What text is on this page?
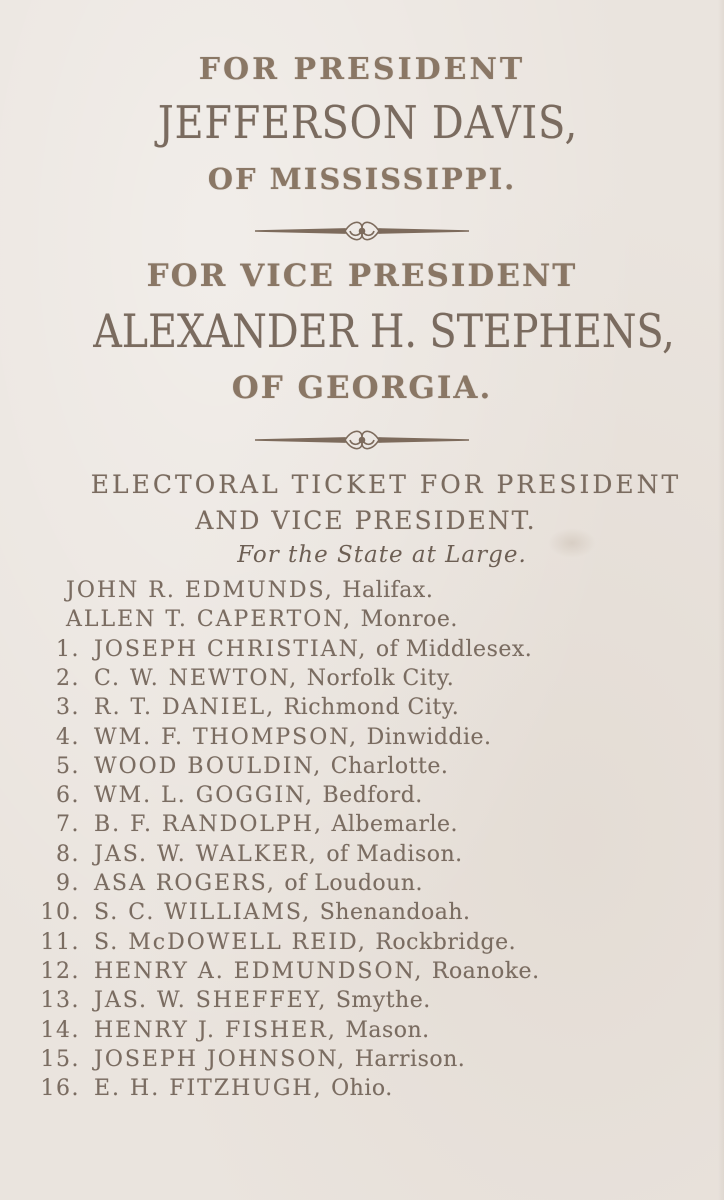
FOR PRESIDENT
JEFFERSON DAVIS,
OF MISSISSIPPI.
FOR VICE PRESIDENT
ALEXANDER H. STEPHENS,
OF GEORGIA.
ELECTORAL TICKET FOR PRESIDENT
AND VICE PRESIDENT.
For the State at Large.
JOHN R. EDMUNDS, Halifax.
ALLEN T. CAPERTON, Monroe.
1. JOSEPH CHRISTIAN, of Middlesex.
2. C. W. NEWTON, Norfolk City.
3. R. T. DANIEL, Richmond City.
4. WM. F. THOMPSON, Dinwiddie.
5. WOOD BOULDIN, Charlotte.
6. WM. L. GOGGIN, Bedford.
7. B. F. RANDOLPH, Albemarle.
8. JAS. W. WALKER, of Madison.
9. ASA ROGERS, of Loudoun.
10. S. C. WILLIAMS, Shenandoah.
11. S. McDOWELL REID, Rockbridge.
12. HENRY A. EDMUNDSON, Roanoke.
13. JAS. W. SHEFFEY, Smythe.
14. HENRY J. FISHER, Mason.
15. JOSEPH JOHNSON, Harrison.
16. E. H. FITZHUGH, Ohio.
